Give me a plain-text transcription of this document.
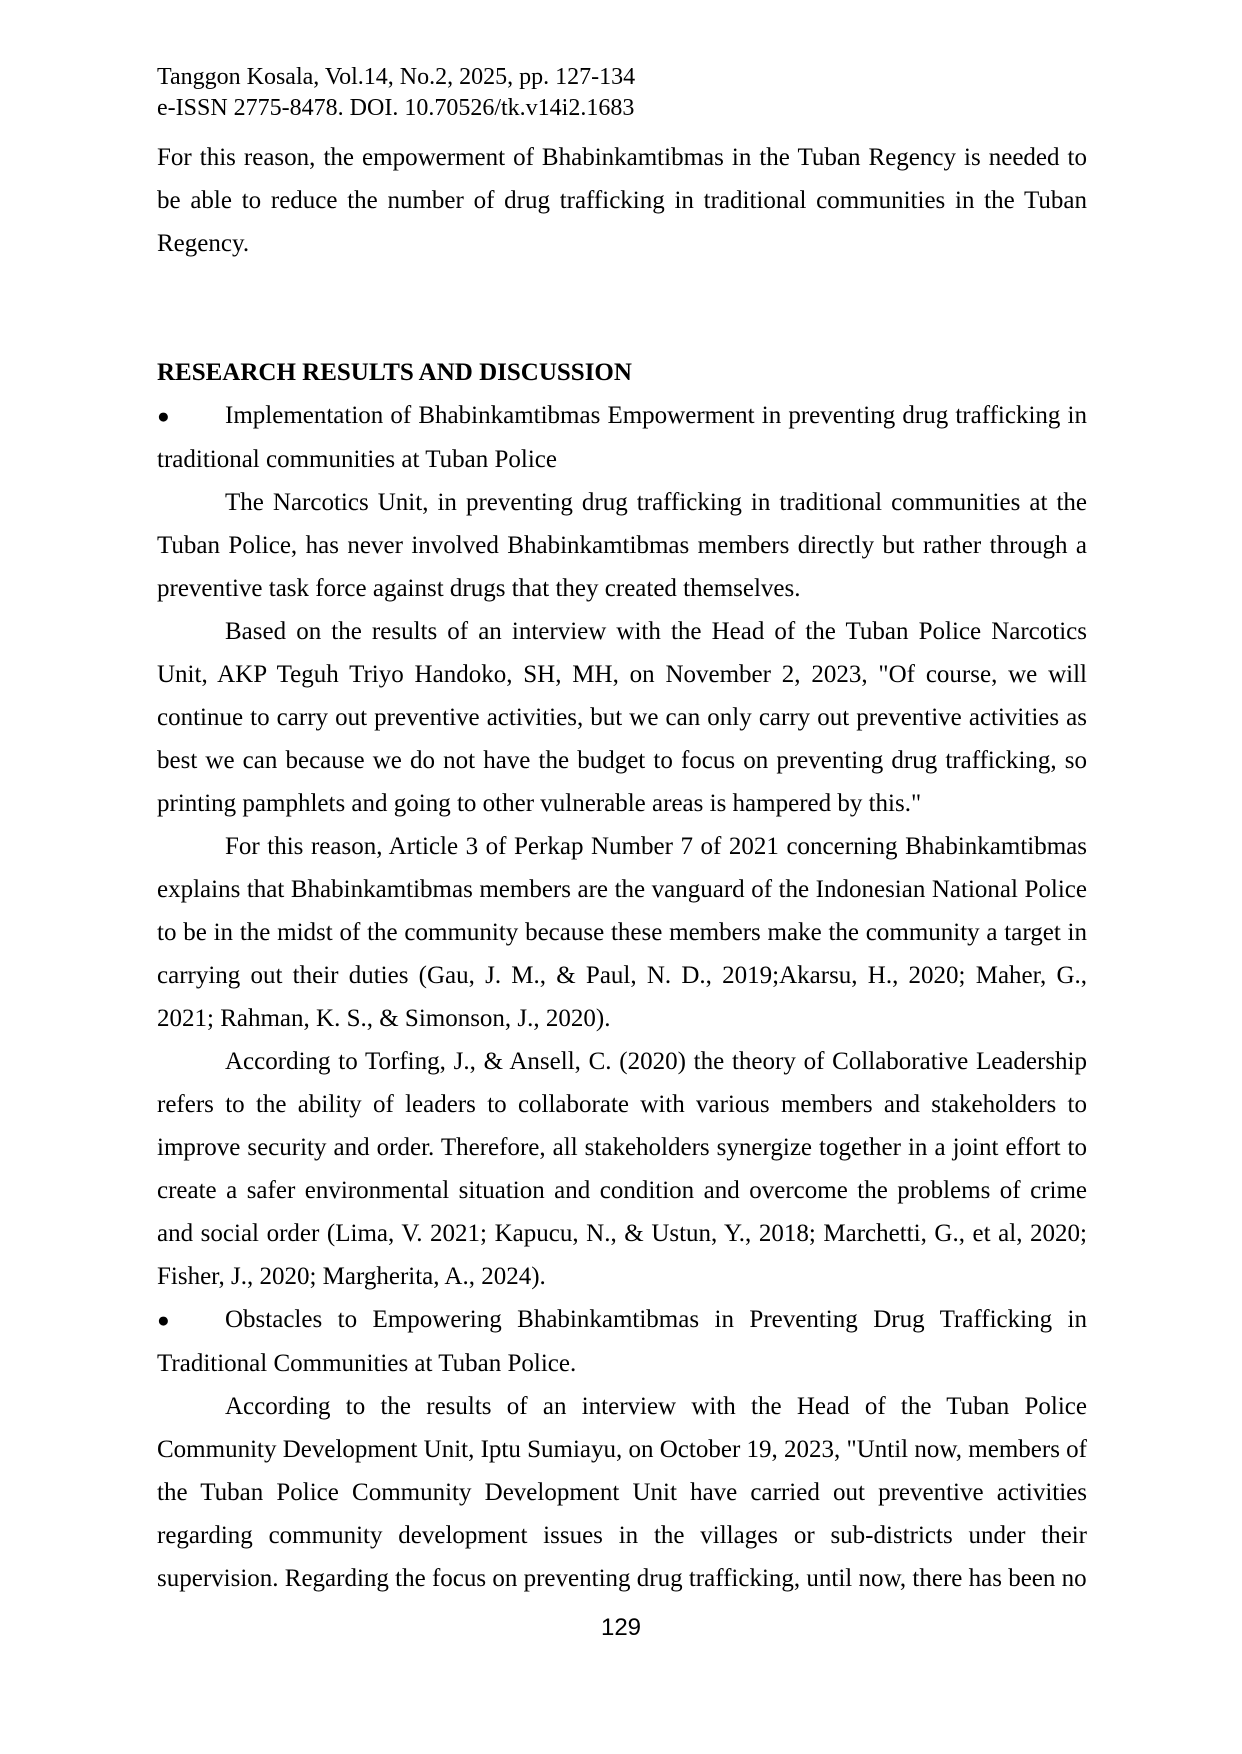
Tanggon Kosala, Vol.14, No.2, 2025, pp. 127-134
e-ISSN 2775-8478. DOI. 10.70526/tk.v14i2.1683

For this reason, the empowerment of Bhabinkamtibmas in the Tuban Regency is needed to be able to reduce the number of drug trafficking in traditional communities in the Tuban Regency.

RESEARCH RESULTS AND DISCUSSION

● Implementation of Bhabinkamtibmas Empowerment in preventing drug trafficking in traditional communities at Tuban Police

The Narcotics Unit, in preventing drug trafficking in traditional communities at the Tuban Police, has never involved Bhabinkamtibmas members directly but rather through a preventive task force against drugs that they created themselves.

Based on the results of an interview with the Head of the Tuban Police Narcotics Unit, AKP Teguh Triyo Handoko, SH, MH, on November 2, 2023, "Of course, we will continue to carry out preventive activities, but we can only carry out preventive activities as best we can because we do not have the budget to focus on preventing drug trafficking, so printing pamphlets and going to other vulnerable areas is hampered by this."

For this reason, Article 3 of Perkap Number 7 of 2021 concerning Bhabinkamtibmas explains that Bhabinkamtibmas members are the vanguard of the Indonesian National Police to be in the midst of the community because these members make the community a target in carrying out their duties (Gau, J. M., & Paul, N. D., 2019;Akarsu, H., 2020; Maher, G., 2021; Rahman, K. S., & Simonson, J., 2020).

According to Torfing, J., & Ansell, C. (2020) the theory of Collaborative Leadership refers to the ability of leaders to collaborate with various members and stakeholders to improve security and order. Therefore, all stakeholders synergize together in a joint effort to create a safer environmental situation and condition and overcome the problems of crime and social order (Lima, V. 2021; Kapucu, N., & Ustun, Y., 2018; Marchetti, G., et al, 2020; Fisher, J., 2020; Margherita, A., 2024).

● Obstacles to Empowering Bhabinkamtibmas in Preventing Drug Trafficking in Traditional Communities at Tuban Police.

According to the results of an interview with the Head of the Tuban Police Community Development Unit, Iptu Sumiayu, on October 19, 2023, "Until now, members of the Tuban Police Community Development Unit have carried out preventive activities regarding community development issues in the villages or sub-districts under their supervision. Regarding the focus on preventing drug trafficking, until now, there has been no

129
